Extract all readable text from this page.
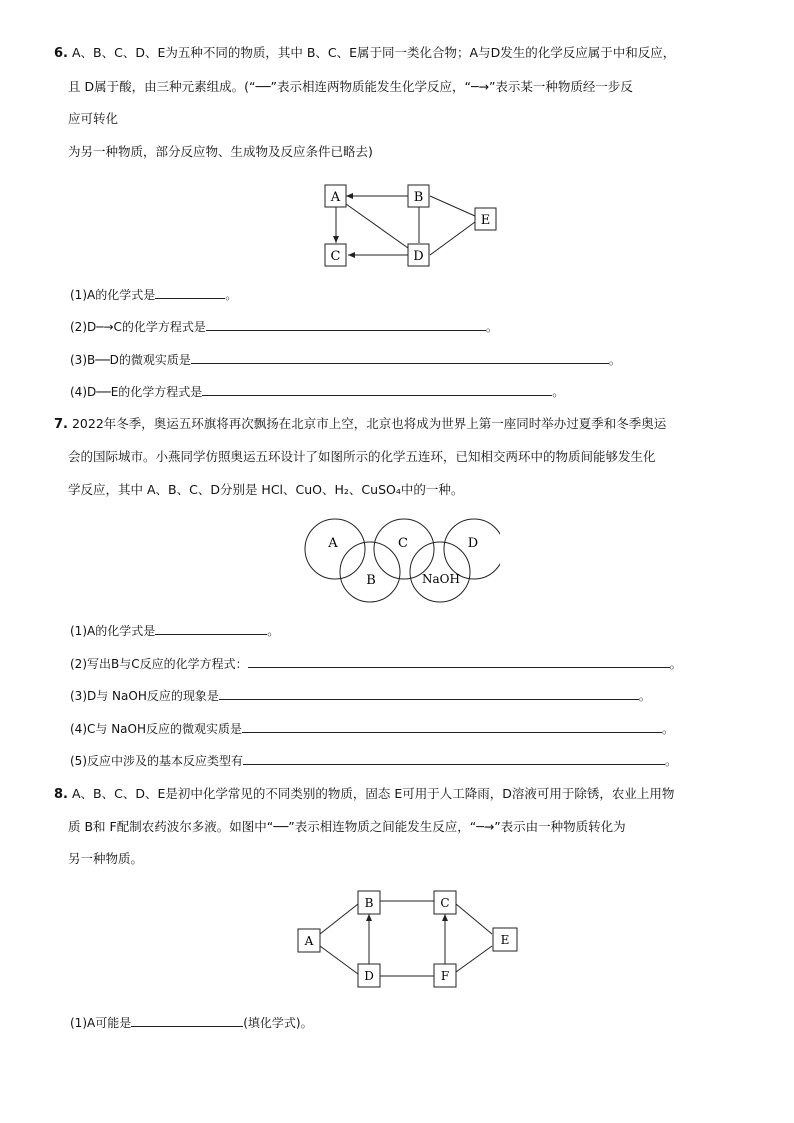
6. A、B、C、D、E为五种不同的物质，其中 B、C、E属于同一类化合物；A与D发生的化学反应属于中和反应，
且 D属于酸，由三种元素组成。(“──”表示相连两物质能发生化学反应，“─→”表示某一种物质经一步反
应可转化
为另一种物质，部分反应物、生成物及反应条件已略去)
A	B
C	D
E
(1)A的化学式是	。
(2)D─→C的化学方程式是	。
(3)B──D的微观实质是	。
(4)D──E的化学方程式是	。
7. 2022年冬季，奥运五环旗将再次飘扬在北京市上空，北京也将成为世界上第一座同时举办过夏季和冬季奥运
会的国际城市。小燕同学仿照奥运五环设计了如图所示的化学五连环，已知相交两环中的物质间能够发生化
学反应，其中 A、B、C、D分别是 HCl、CuO、H₂、CuSO₄中的一种。
A	C	D
B	NaOH
(1)A的化学式是	。
(2)写出B与C反应的化学方程式：	。
(3)D与 NaOH反应的现象是	。
(4)C与 NaOH反应的微观实质是	。
(5)反应中涉及的基本反应类型有	。
8. A、B、C、D、E是初中化学常见的不同类别的物质，固态 E可用于人工降雨，D溶液可用于除锈，农业上用物
质 B和 F配制农药波尔多液。如图中“──”表示相连物质之间能发生反应，“─→”表示由一种物质转化为
另一种物质。
A
B	C
D	F
E
(1)A可能是	(填化学式)。
